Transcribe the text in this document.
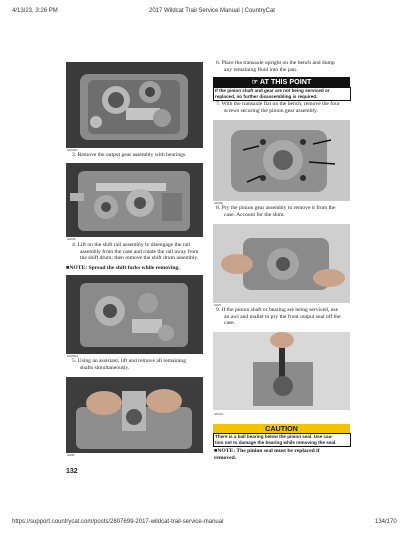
4/13/23, 3:26 PM	2017 Wildcat Trail Service Manual | CountryCat
0A058A
3. Remove the output gear assembly with bearings.
0A05F
4. Lift on the shift rail assembly to disengage the rail
assembly from the case and rotate the rail away from
the shift drum; then remove the shift drum assembly.
■NOTE: Spread the shift forks while removing.
0A05DA
5. Using an assistant, lift and remove all remaining
shafts simultaneously.
0A0B
132
6. Place the transaxle upright on the bench and dump
any remaining fluid into the pan.
☞ AT THIS POINT
If the pinion shaft and gear are not being serviced or
replaced, no further disassembling is required.
7. With the transaxle flat on the bench, remove the four
screws securing the pinion gear assembly.
0A05E
8. Pry the pinion gear assembly to remove it from the
case. Account for the shim.
0A05
9. If the pinion shaft or bearing are being serviced, use
an awl and mallet to pry the front output seal off the
case.
0A0AS
CAUTION
There is a ball bearing below the pinion seal. Use cau-
tion not to damage the bearing while removing the seal.
■NOTE: The pinion seal must be replaced if
removed.
https://support.countrycat.com/posts/2807699-2017-wildcat-trail-service-manual	134/170
